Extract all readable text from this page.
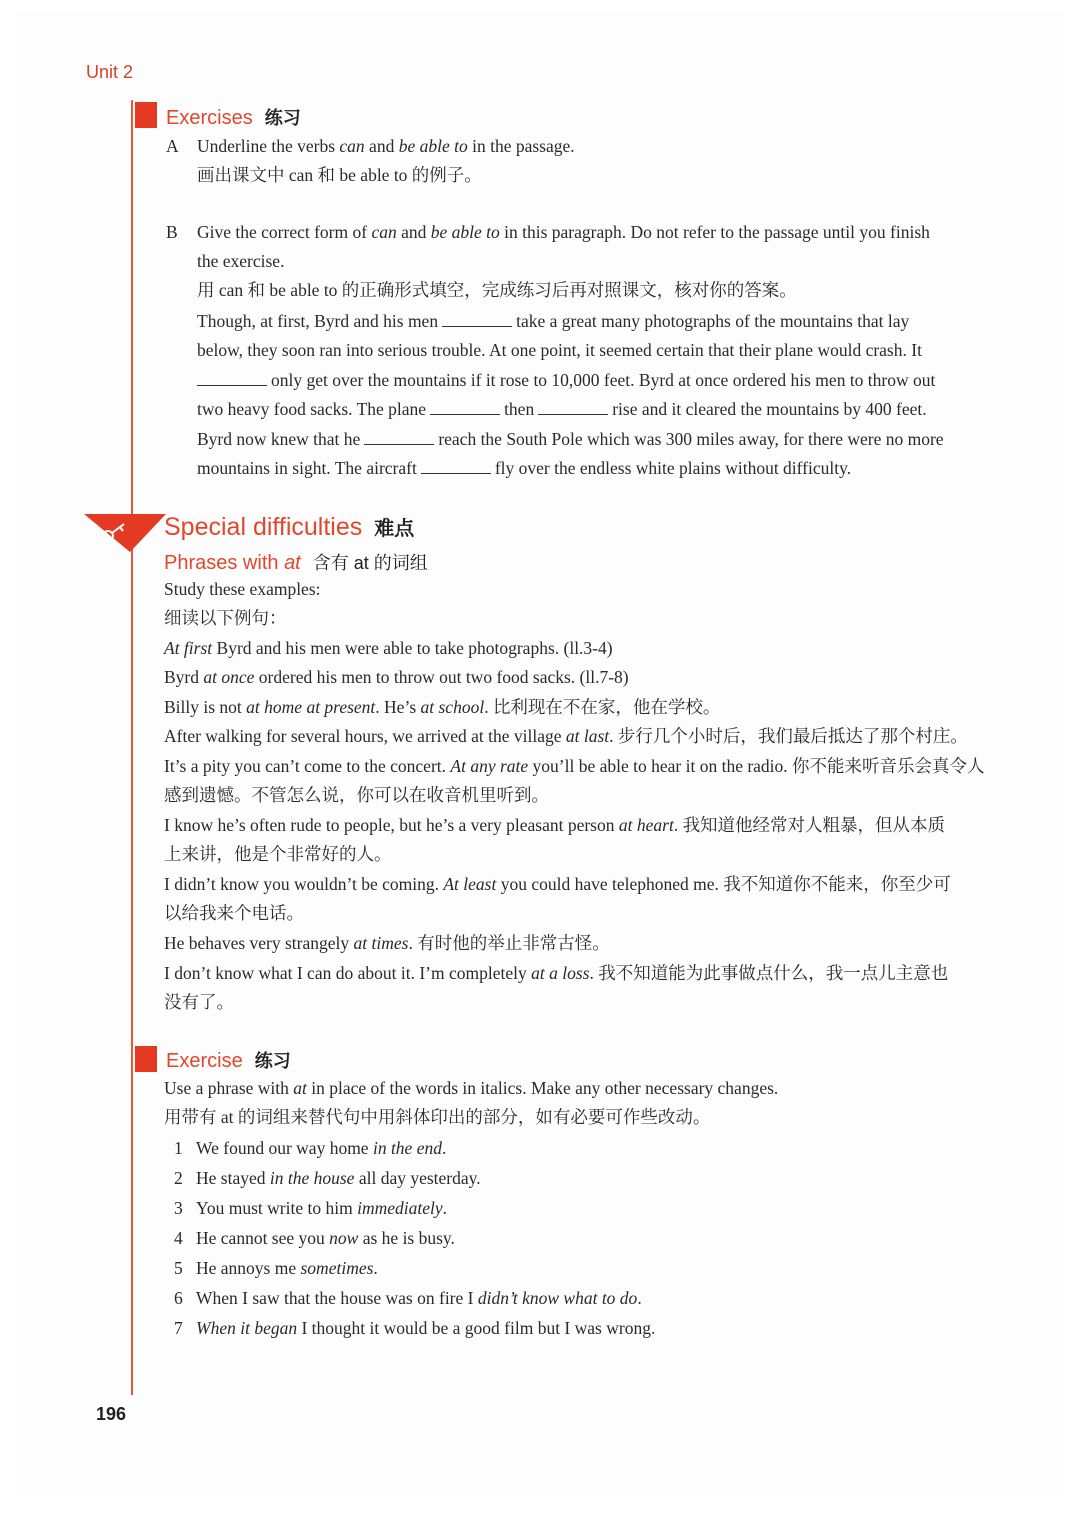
Unit 2
Exercises 练习
A Underline the verbs can and be able to in the passage.
画出课文中 can 和 be able to 的例子。
B Give the correct form of can and be able to in this paragraph. Do not refer to the passage until you finish
the exercise.
用 can 和 be able to 的正确形式填空，完成练习后再对照课文，核对你的答案。
Though, at first, Byrd and his men	take a great many photographs of the mountains that lay
below, they soon ran into serious trouble. At one point, it seemed certain that their plane would crash. It
only get over the mountains if it rose to 10,000 feet. Byrd at once ordered his men to throw out
two heavy food sacks. The plane	then	rise and it cleared the mountains by 400 feet.
Byrd now knew that he	reach the South Pole which was 300 miles away, for there were no more
mountains in sight. The aircraft	fly over the endless white plains without difficulty.
Special difficulties 难点
Phrases with at 含有 at 的词组
Study these examples:
细读以下例句：
At first Byrd and his men were able to take photographs. (ll.3-4)
Byrd at once ordered his men to throw out two food sacks. (ll.7-8)
Billy is not at home at present. He’s at school. 比利现在不在家，他在学校。
After walking for several hours, we arrived at the village at last. 步行几个小时后，我们最后抵达了那个村庄。
It’s a pity you can’t come to the concert. At any rate you’ll be able to hear it on the radio. 你不能来听音乐会真令人
感到遗憾。不管怎么说，你可以在收音机里听到。
I know he’s often rude to people, but he’s a very pleasant person at heart. 我知道他经常对人粗暴，但从本质
上来讲，他是个非常好的人。
I didn’t know you wouldn’t be coming. At least you could have telephoned me. 我不知道你不能来，你至少可
以给我来个电话。
He behaves very strangely at times. 有时他的举止非常古怪。
I don’t know what I can do about it. I’m completely at a loss. 我不知道能为此事做点什么，我一点儿主意也
没有了。
Exercise 练习
Use a phrase with at in place of the words in italics. Make any other necessary changes.
用带有 at 的词组来替代句中用斜体印出的部分，如有必要可作些改动。
1 We found our way home in the end.
2 He stayed in the house all day yesterday.
3 You must write to him immediately.
4 He cannot see you now as he is busy.
5 He annoys me sometimes.
6 When I saw that the house was on fire I didn’t know what to do.
7 When it began I thought it would be a good film but I was wrong.
196
